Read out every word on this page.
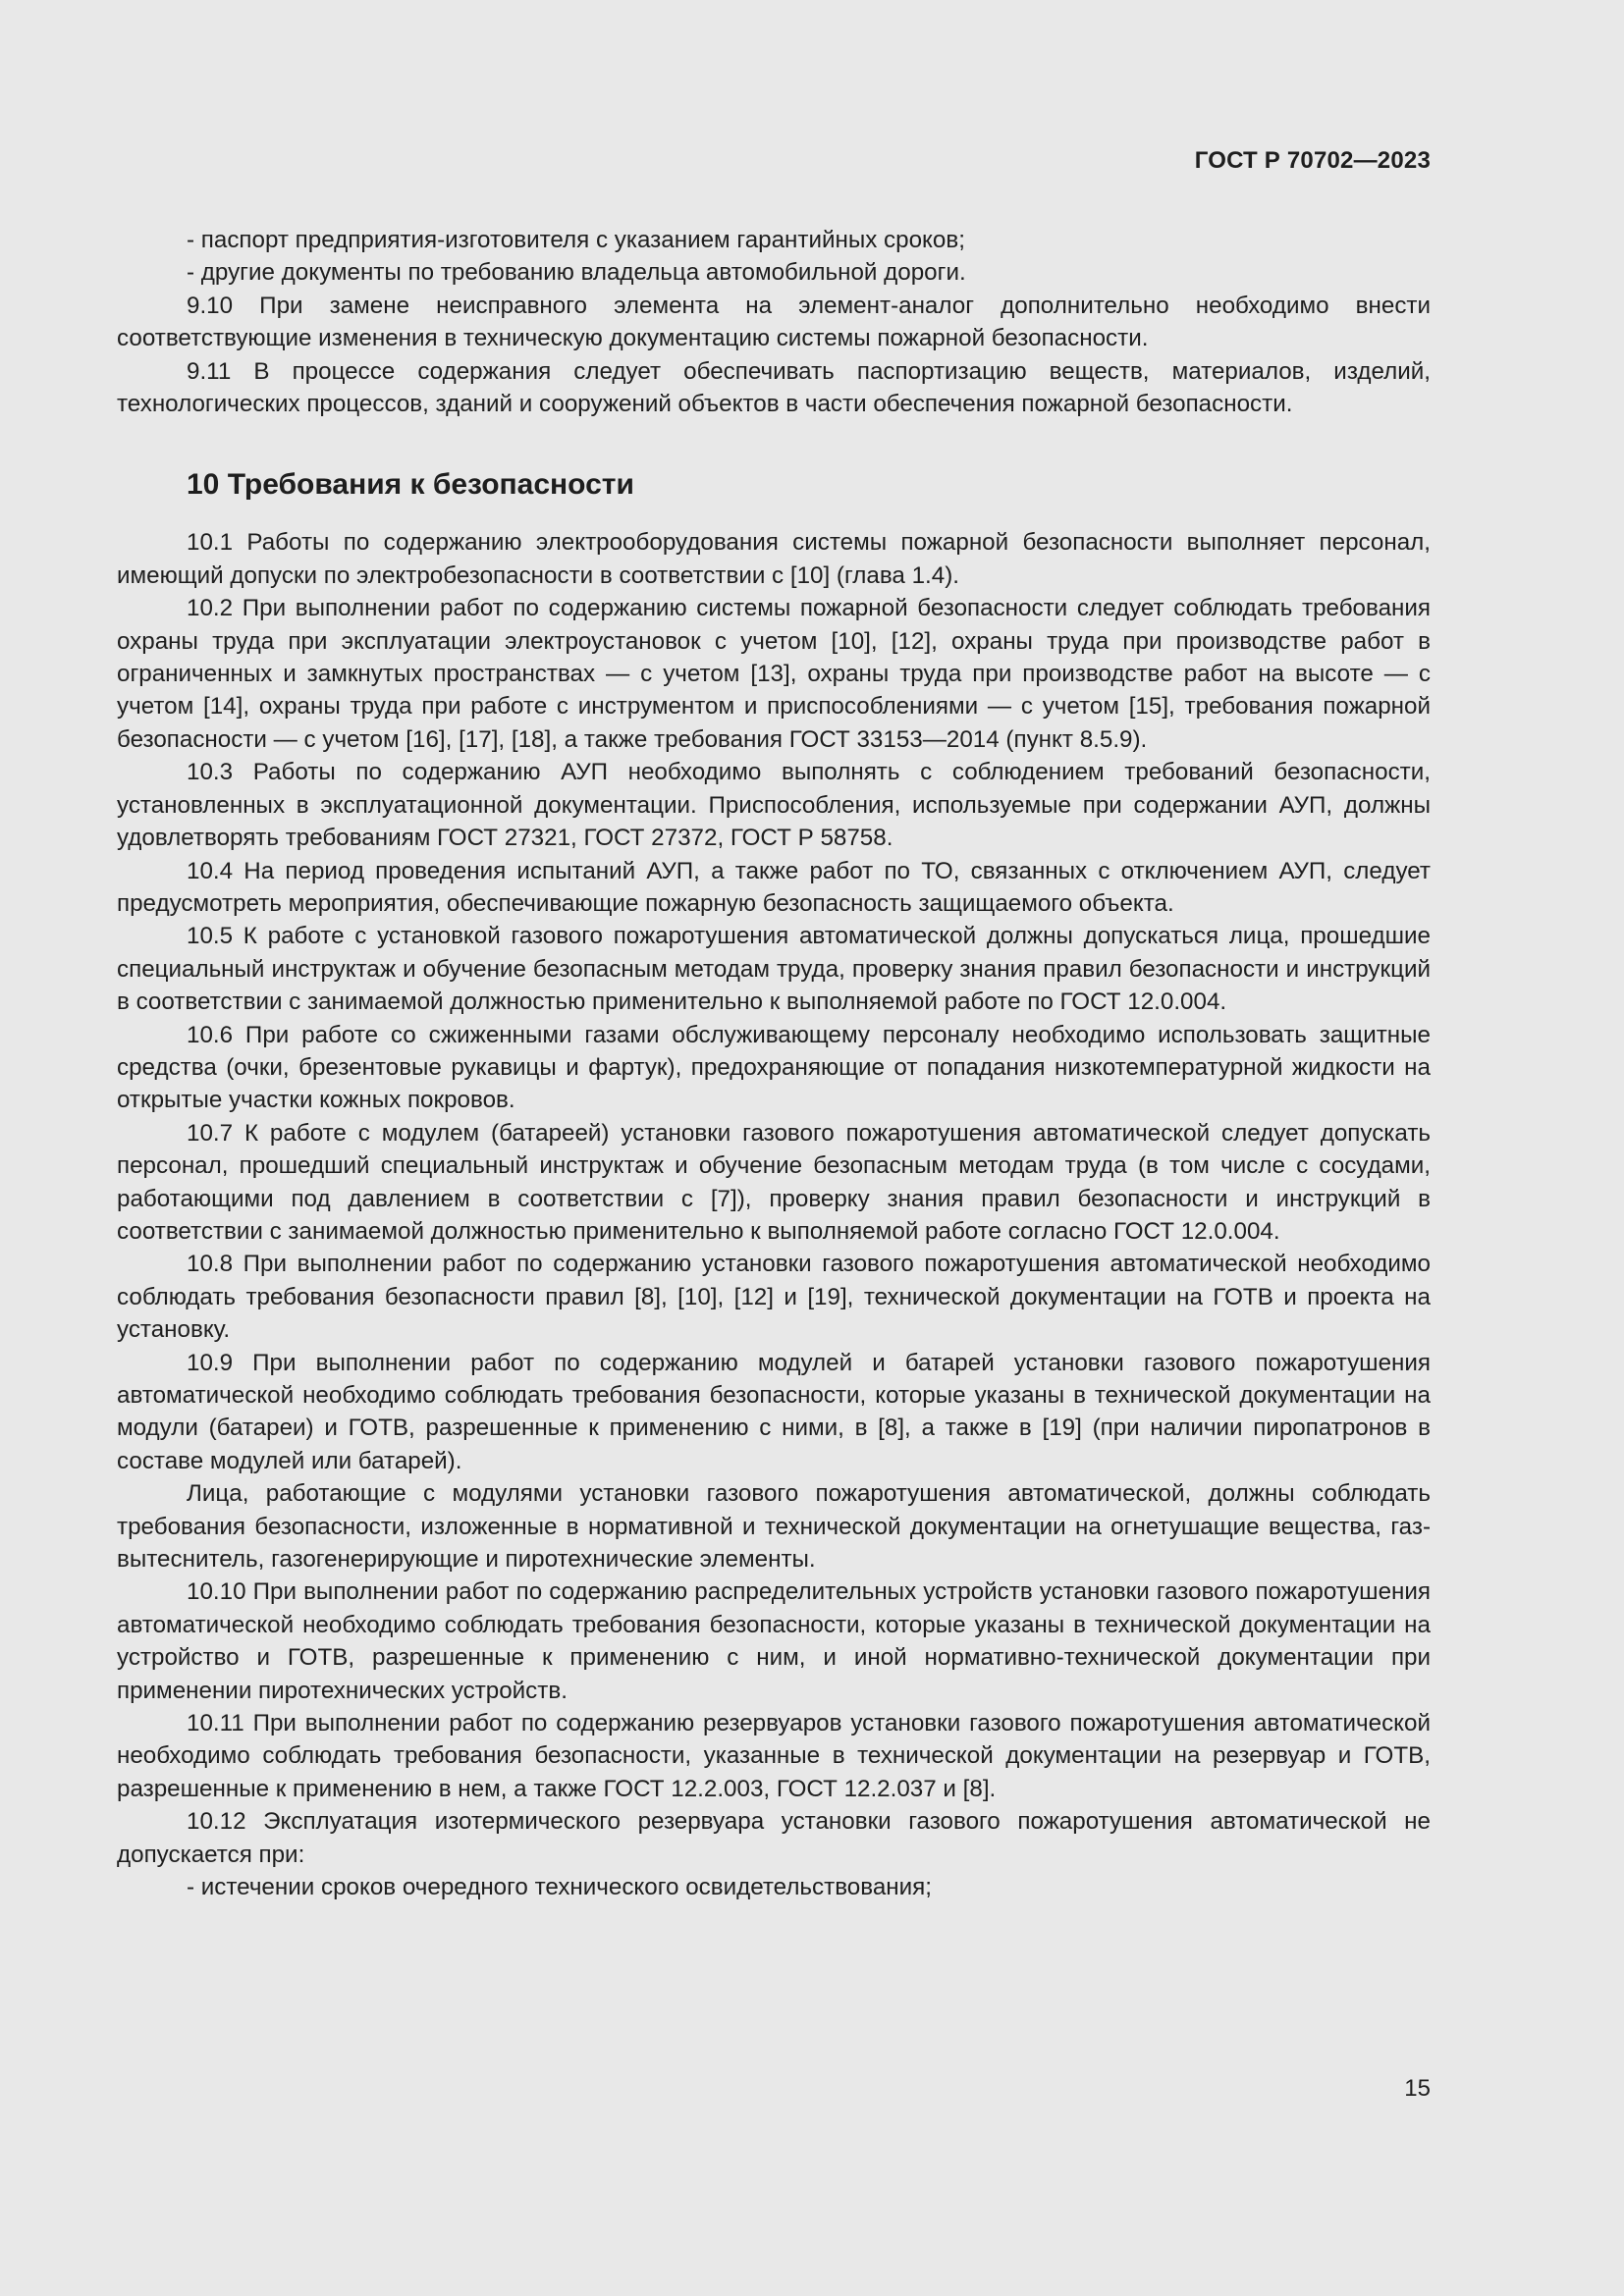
ГОСТ Р 70702—2023

- паспорт предприятия-изготовителя с указанием гарантийных сроков;

- другие документы по требованию владельца автомобильной дороги.

9.10 При замене неисправного элемента на элемент-аналог дополнительно необходимо внести соответствующие изменения в техническую документацию системы пожарной безопасности.

9.11 В процессе содержания следует обеспечивать паспортизацию веществ, материалов, изделий, технологических процессов, зданий и сооружений объектов в части обеспечения пожарной безопасности.

10 Требования к безопасности

10.1 Работы по содержанию электрооборудования системы пожарной безопасности выполняет персонал, имеющий допуски по электробезопасности в соответствии с [10] (глава 1.4).

10.2 При выполнении работ по содержанию системы пожарной безопасности следует соблюдать требования охраны труда при эксплуатации электроустановок с учетом [10], [12], охраны труда при производстве работ в ограниченных и замкнутых пространствах — с учетом [13], охраны труда при производстве работ на высоте — с учетом [14], охраны труда при работе с инструментом и приспособлениями — с учетом [15], требования пожарной безопасности — с учетом [16], [17], [18], а также требования ГОСТ 33153—2014 (пункт 8.5.9).

10.3 Работы по содержанию АУП необходимо выполнять с соблюдением требований безопасности, установленных в эксплуатационной документации. Приспособления, используемые при содержании АУП, должны удовлетворять требованиям ГОСТ 27321, ГОСТ 27372, ГОСТ Р 58758.

10.4 На период проведения испытаний АУП, а также работ по ТО, связанных с отключением АУП, следует предусмотреть мероприятия, обеспечивающие пожарную безопасность защищаемого объекта.

10.5 К работе с установкой газового пожаротушения автоматической должны допускаться лица, прошедшие специальный инструктаж и обучение безопасным методам труда, проверку знания правил безопасности и инструкций в соответствии с занимаемой должностью применительно к выполняемой работе по ГОСТ 12.0.004.

10.6 При работе со сжиженными газами обслуживающему персоналу необходимо использовать защитные средства (очки, брезентовые рукавицы и фартук), предохраняющие от попадания низкотемпературной жидкости на открытые участки кожных покровов.

10.7 К работе с модулем (батареей) установки газового пожаротушения автоматической следует допускать персонал, прошедший специальный инструктаж и обучение безопасным методам труда (в том числе с сосудами, работающими под давлением в соответствии с [7]), проверку знания правил безопасности и инструкций в соответствии с занимаемой должностью применительно к выполняемой работе согласно ГОСТ 12.0.004.

10.8 При выполнении работ по содержанию установки газового пожаротушения автоматической необходимо соблюдать требования безопасности правил [8], [10], [12] и [19], технической документации на ГОТВ и проекта на установку.

10.9 При выполнении работ по содержанию модулей и батарей установки газового пожаротушения автоматической необходимо соблюдать требования безопасности, которые указаны в технической документации на модули (батареи) и ГОТВ, разрешенные к применению с ними, в [8], а также в [19] (при наличии пиропатронов в составе модулей или батарей).

Лица, работающие с модулями установки газового пожаротушения автоматической, должны соблюдать требования безопасности, изложенные в нормативной и технической документации на огнетушащие вещества, газ-вытеснитель, газогенерирующие и пиротехнические элементы.

10.10 При выполнении работ по содержанию распределительных устройств установки газового пожаротушения автоматической необходимо соблюдать требования безопасности, которые указаны в технической документации на устройство и ГОТВ, разрешенные к применению с ним, и иной нормативно-технической документации при применении пиротехнических устройств.

10.11 При выполнении работ по содержанию резервуаров установки газового пожаротушения автоматической необходимо соблюдать требования безопасности, указанные в технической документации на резервуар и ГОТВ, разрешенные к применению в нем, а также ГОСТ 12.2.003, ГОСТ 12.2.037 и [8].

10.12 Эксплуатация изотермического резервуара установки газового пожаротушения автоматической не допускается при:

- истечении сроков очередного технического освидетельствования;

15
